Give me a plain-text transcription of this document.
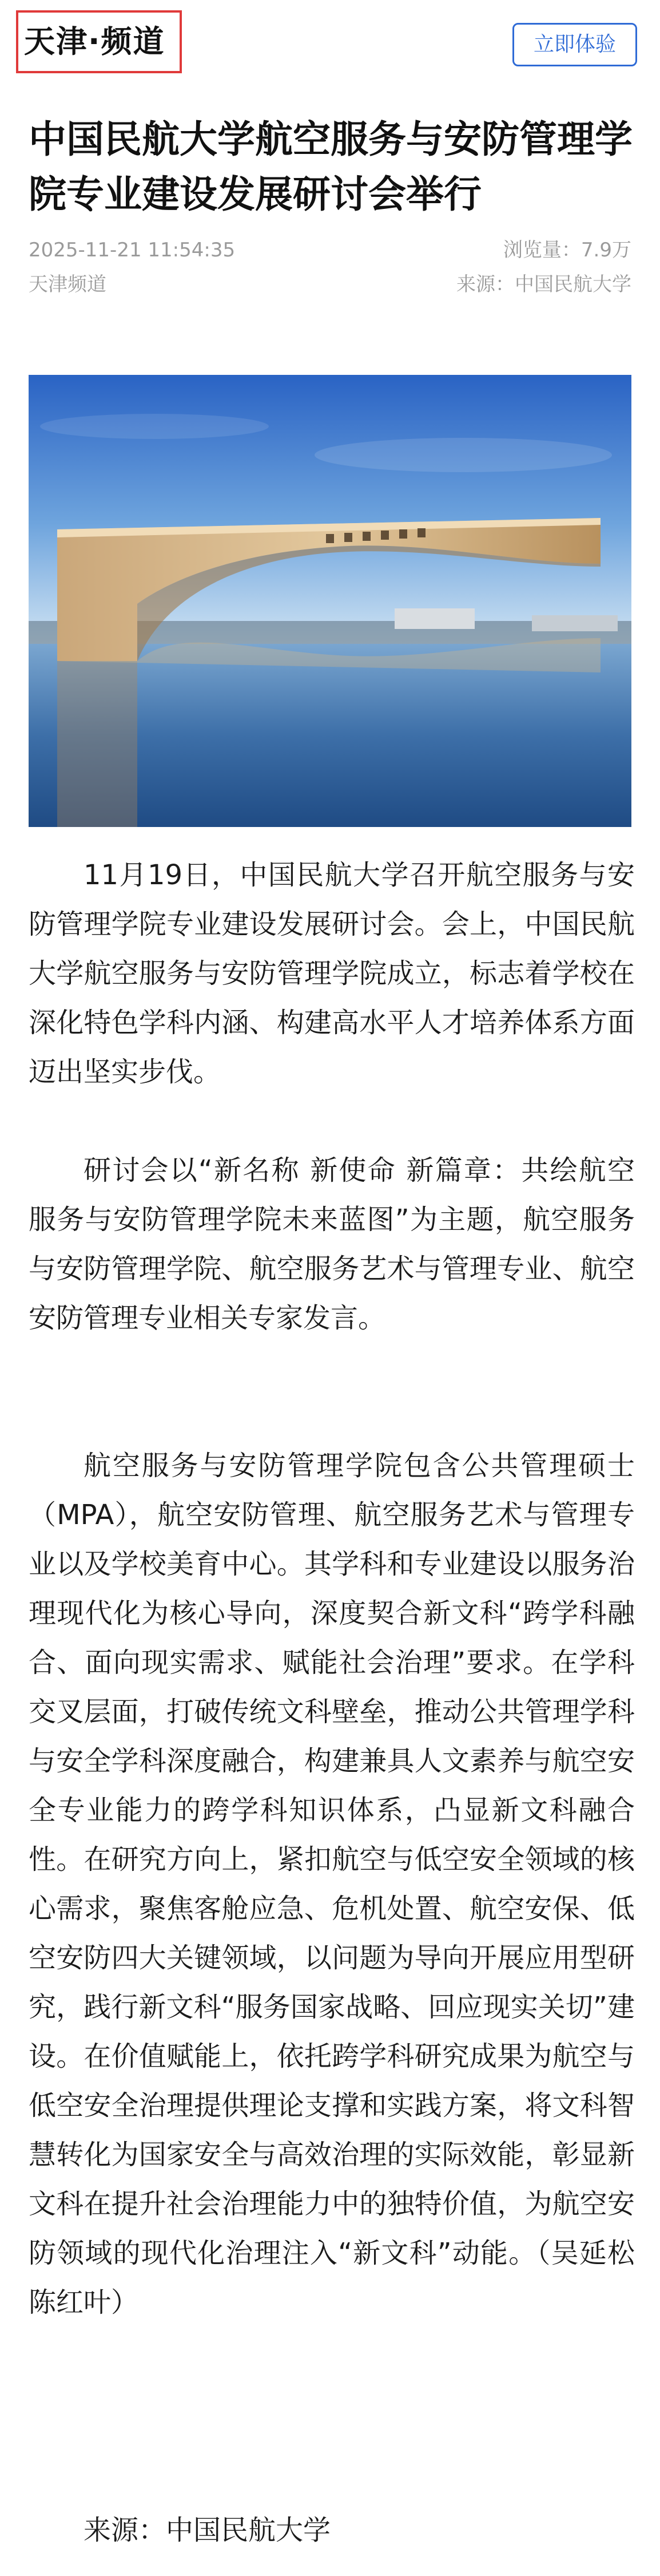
天津·频道	立即体验
中国民航大学航空服务与安防管理学院专业建设发展研讨会举行
2025-11-21 11:54:35	浏览量：7.9万
天津频道	来源：中国民航大学

11月19日，中国民航大学召开航空服务与安防管理学院专业建设发展研讨会。会上，中国民航大学航空服务与安防管理学院成立，标志着学校在深化特色学科内涵、构建高水平人才培养体系方面迈出坚实步伐。

研讨会以“新名称 新使命 新篇章：共绘航空服务与安防管理学院未来蓝图”为主题，航空服务与安防管理学院、航空服务艺术与管理专业、航空安防管理专业相关专家发言。

航空服务与安防管理学院包含公共管理硕士（MPA），航空安防管理、航空服务艺术与管理专业以及学校美育中心。其学科和专业建设以服务治理现代化为核心导向，深度契合新文科“跨学科融合、面向现实需求、赋能社会治理”要求。在学科交叉层面，打破传统文科壁垒，推动公共管理学科与安全学科深度融合，构建兼具人文素养与航空安全专业能力的跨学科知识体系，凸显新文科融合性。在研究方向上，紧扣航空与低空安全领域的核心需求，聚焦客舱应急、危机处置、航空安保、低空安防四大关键领域，以问题为导向开展应用型研究，践行新文科“服务国家战略、回应现实关切”建设。在价值赋能上，依托跨学科研究成果为航空与低空安全治理提供理论支撑和实践方案，将文科智慧转化为国家安全与高效治理的实际效能，彰显新文科在提升社会治理能力中的独特价值，为航空安防领域的现代化治理注入“新文科”动能。（吴延松 陈红叶）

来源：中国民航大学
